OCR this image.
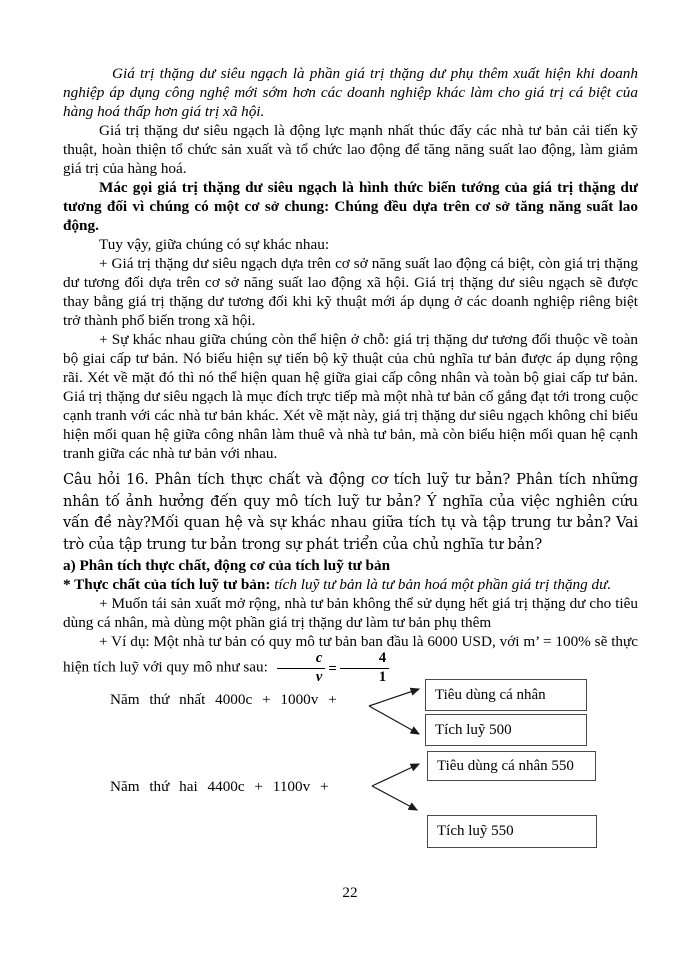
Giá trị thặng dư siêu ngạch là phần giá trị thặng dư phụ thêm xuất hiện khi doanh nghiệp áp dụng công nghệ mới sớm hơn các doanh nghiệp khác làm cho giá trị cá biệt của hàng hoá thấp hơn giá trị xã hội.

Giá trị thặng dư siêu ngạch là động lực mạnh nhất thúc đẩy các nhà tư bản cải tiến kỹ thuật, hoàn thiện tổ chức sản xuất và tổ chức lao động để tăng năng suất lao động, làm giảm giá trị của hàng hoá.

Mác gọi giá trị thặng dư siêu ngạch là hình thức biến tướng của giá trị thặng dư tương đối vì chúng có một cơ sở chung: Chúng đều dựa trên cơ sở tăng năng suất lao động.

Tuy vậy, giữa chúng có sự khác nhau:

+ Giá trị thặng dư siêu ngạch dựa trên cơ sở năng suất lao động cá biệt, còn giá trị thặng dư tương đối dựa trên cơ sở năng suất lao động xã hội. Giá trị thặng dư siêu ngạch sẽ được thay bằng giá trị thặng dư tương đối khi kỹ thuật mới áp dụng ở các doanh nghiệp riêng biệt trở thành phổ biến trong xã hội.

+ Sự khác nhau giữa chúng còn thể hiện ở chỗ: giá trị thặng dư tương đối thuộc về toàn bộ giai cấp tư bản. Nó biểu hiện sự tiến bộ kỹ thuật của chủ nghĩa tư bản được áp dụng rộng rãi. Xét về mặt đó thì nó thể hiện quan hệ giữa giai cấp công nhân và toàn bộ giai cấp tư bản. Giá trị thặng dư siêu ngạch là mục đích trực tiếp mà một nhà tư bản cố gắng đạt tới trong cuộc cạnh tranh với các nhà tư bản khác. Xét về mặt này, giá trị thặng dư siêu ngạch không chỉ biểu hiện mối quan hệ giữa công nhân làm thuê và nhà tư bản, mà còn biểu hiện mối quan hệ cạnh tranh giữa các nhà tư bản với nhau.

Câu hỏi 16. Phân tích thực chất và động cơ tích luỹ tư bản? Phân tích những nhân tố ảnh hưởng đến quy mô tích luỹ tư bản? Ý nghĩa của việc nghiên cứu vấn đề này?Mối quan hệ và sự khác nhau giữa tích tụ và tập trung tư bản? Vai trò của tập trung tư bản trong sự phát triển của chủ nghĩa tư bản?

a) Phân tích thực chất, động cơ của tích luỹ tư bản

* Thực chất của tích luỹ tư bản: tích luỹ tư bản là tư bản hoá một phần giá trị thặng dư.

+ Muốn tái sản xuất mở rộng, nhà tư bản không thể sử dụng hết giá trị thặng dư cho tiêu dùng cá nhân, mà dùng một phần giá trị thặng dư làm tư bản phụ thêm

+ Ví dụ: Một nhà tư bản có quy mô tư bản ban đầu là 6000 USD, với m’ = 100% sẽ thực hiện tích luỹ với quy mô như sau: $\frac{c}{v} = \frac{4}{1}$

Năm thứ nhất 4000c + 1000v +	Tiêu dùng cá nhân
Tích luỹ 500
Năm thứ hai 4400c + 1100v +
Tiêu dùng cá nhân 550
Tích luỹ 550
22
